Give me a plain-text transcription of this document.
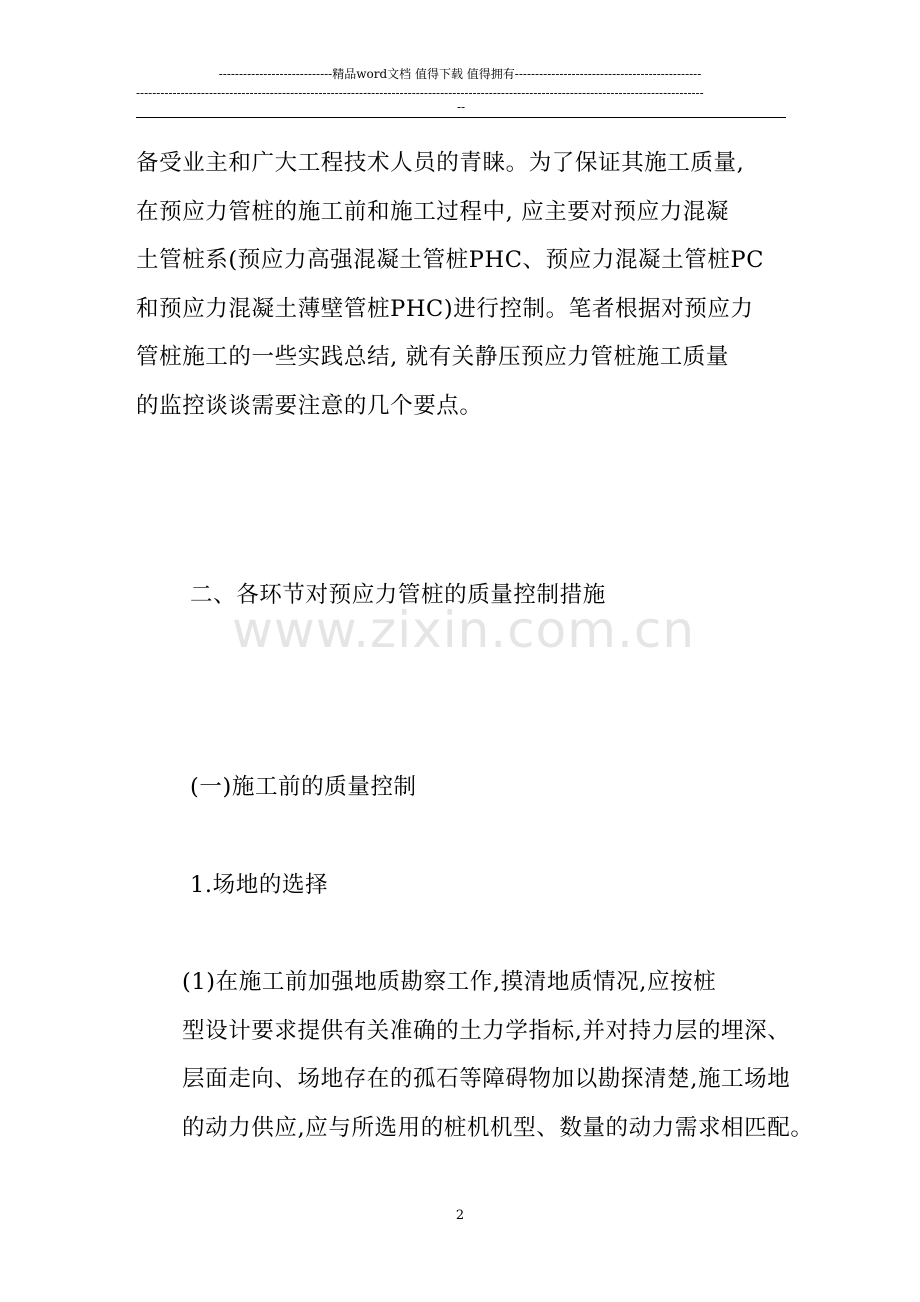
----------------------------精品word文档 值得下载 值得拥有----------------------------------------------
--------------------------------------------------------------------------------------------------------------------------------------------
--
www.zixin.com.cn
备受业主和广大工程技术人员的青睐。为了保证其施工质量,
在预应力管桩的施工前和施工过程中, 应主要对预应力混凝
土管桩系(预应力高强混凝土管桩PHC、预应力混凝土管桩PC
和预应力混凝土薄壁管桩PHC)进行控制。笔者根据对预应力
管桩施工的一些实践总结, 就有关静压预应力管桩施工质量
的监控谈谈需要注意的几个要点。
二、各环节对预应力管桩的质量控制措施
(一)施工前的质量控制
1.场地的选择
(1)在施工前加强地质勘察工作,摸清地质情况,应按桩
型设计要求提供有关准确的土力学指标,并对持力层的埋深、
层面走向、场地存在的孤石等障碍物加以勘探清楚,施工场地
的动力供应,应与所选用的桩机机型、数量的动力需求相匹配。
2
